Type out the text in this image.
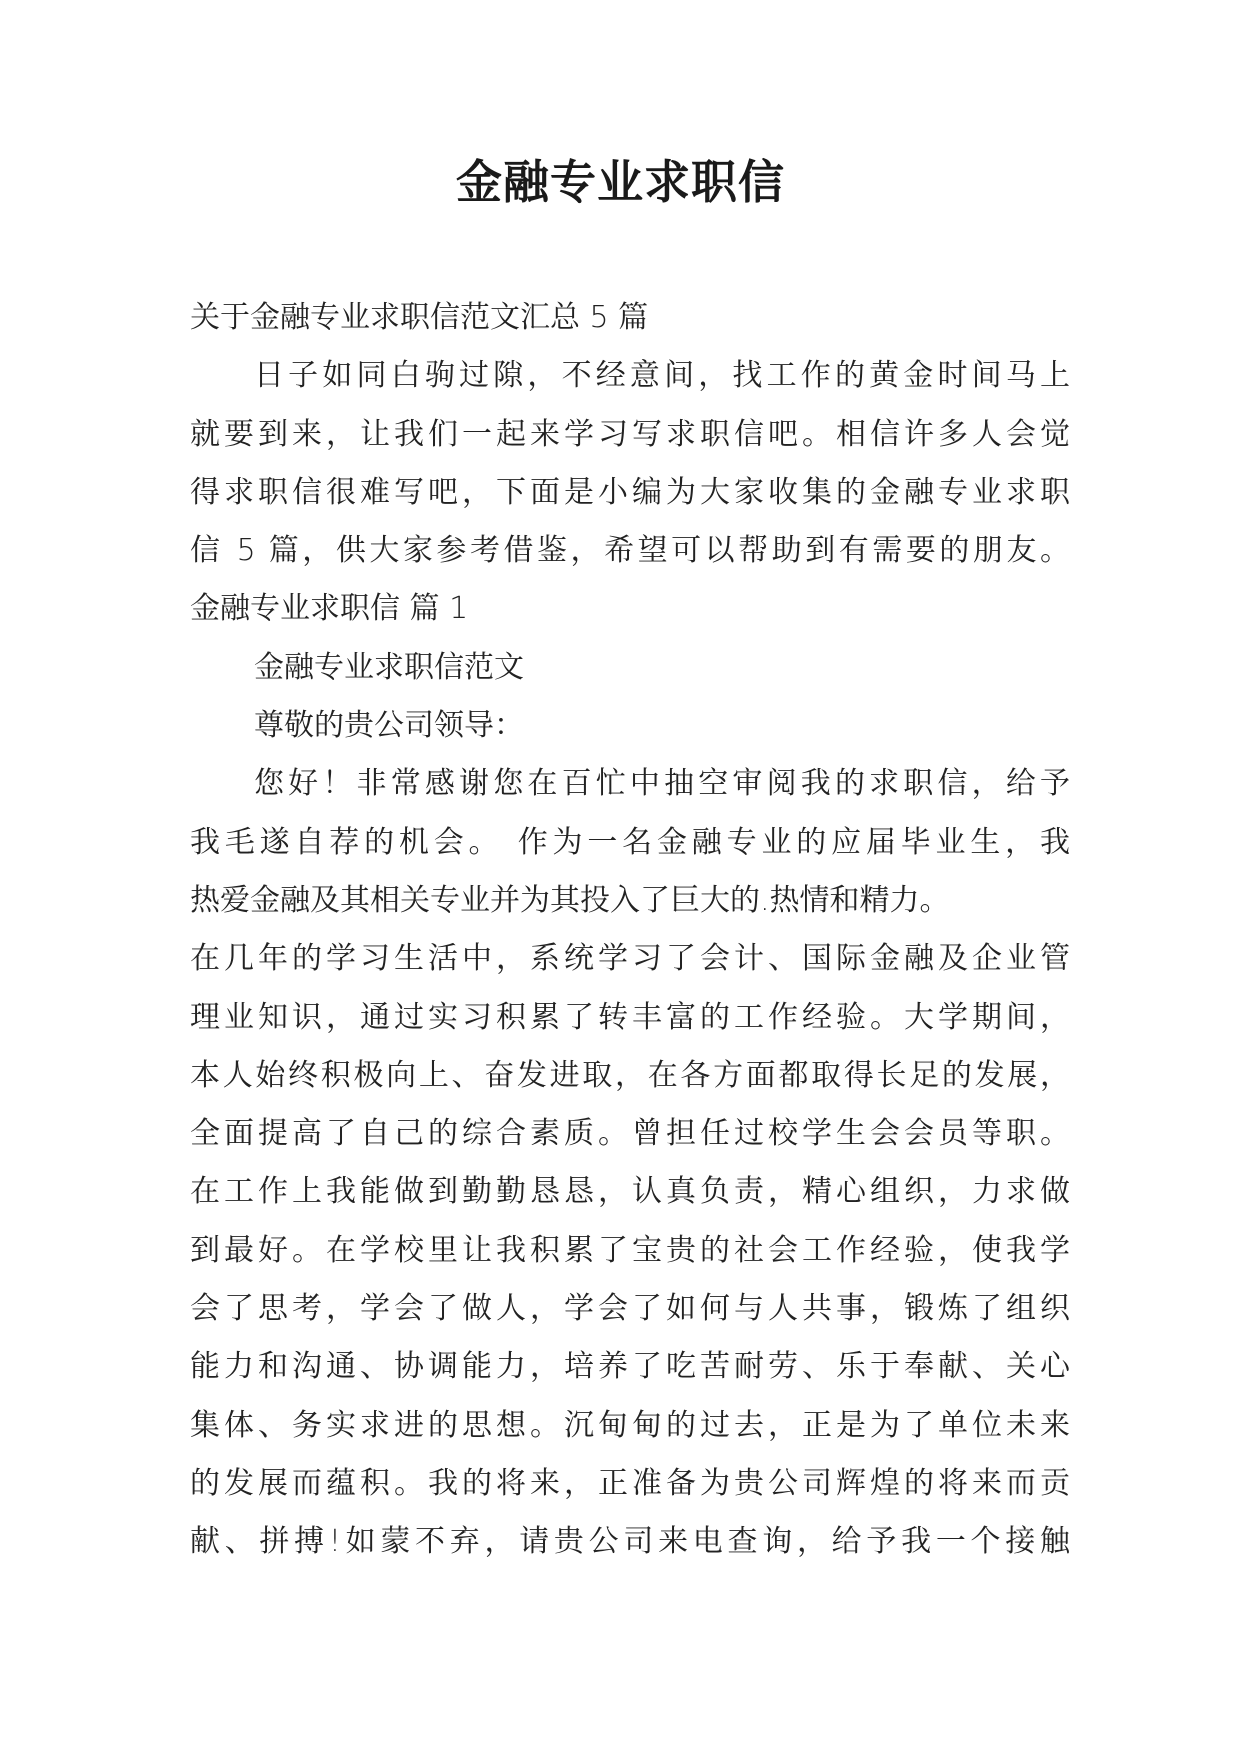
金融专业求职信
关于金融专业求职信范文汇总 5 篇
日子如同白驹过隙，不经意间，找工作的黄金时间马上
就要到来，让我们一起来学习写求职信吧。相信许多人会觉
得求职信很难写吧，下面是小编为大家收集的金融专业求职
信 5 篇，供大家参考借鉴，希望可以帮助到有需要的朋友。
金融专业求职信 篇 1
金融专业求职信范文
尊敬的贵公司领导：
您好！非常感谢您在百忙中抽空审阅我的求职信，给予
我毛遂自荐的机会。 作为一名金融专业的应届毕业生，我
热爱金融及其相关专业并为其投入了巨大的.热情和精力。
在几年的学习生活中，系统学习了会计、国际金融及企业管
理业知识，通过实习积累了转丰富的工作经验。大学期间，
本人始终积极向上、奋发进取，在各方面都取得长足的发展，
全面提高了自己的综合素质。曾担任过校学生会会员等职。
在工作上我能做到勤勤恳恳，认真负责，精心组织，力求做
到最好。在学校里让我积累了宝贵的社会工作经验，使我学
会了思考，学会了做人，学会了如何与人共事，锻炼了组织
能力和沟通、协调能力，培养了吃苦耐劳、乐于奉献、关心
集体、务实求进的思想。沉甸甸的过去，正是为了单位未来
的发展而蕴积。我的将来，正准备为贵公司辉煌的将来而贡
献、拼搏!如蒙不弃，请贵公司来电查询，给予我一个接触
